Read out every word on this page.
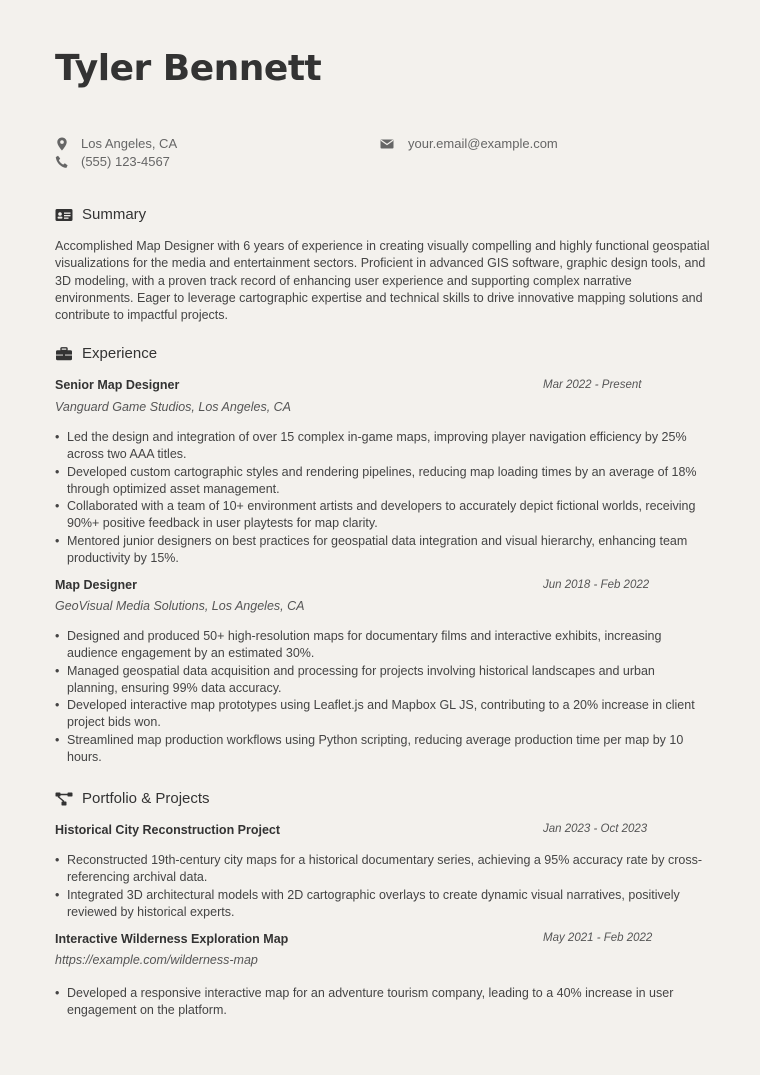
Tyler Bennett
Los Angeles, CA
(555) 123-4567
your.email@example.com
Summary
Accomplished Map Designer with 6 years of experience in creating visually compelling and highly functional geospatial visualizations for the media and entertainment sectors. Proficient in advanced GIS software, graphic design tools, and 3D modeling, with a proven track record of enhancing user experience and supporting complex narrative environments. Eager to leverage cartographic expertise and technical skills to drive innovative mapping solutions and contribute to impactful projects.
Experience
Senior Map Designer	Mar 2022 - Present
Vanguard Game Studios, Los Angeles, CA
• Led the design and integration of over 15 complex in-game maps, improving player navigation efficiency by 25% across two AAA titles.
• Developed custom cartographic styles and rendering pipelines, reducing map loading times by an average of 18% through optimized asset management.
• Collaborated with a team of 10+ environment artists and developers to accurately depict fictional worlds, receiving 90%+ positive feedback in user playtests for map clarity.
• Mentored junior designers on best practices for geospatial data integration and visual hierarchy, enhancing team productivity by 15%.
Map Designer	Jun 2018 - Feb 2022
GeoVisual Media Solutions, Los Angeles, CA
• Designed and produced 50+ high-resolution maps for documentary films and interactive exhibits, increasing audience engagement by an estimated 30%.
• Managed geospatial data acquisition and processing for projects involving historical landscapes and urban planning, ensuring 99% data accuracy.
• Developed interactive map prototypes using Leaflet.js and Mapbox GL JS, contributing to a 20% increase in client project bids won.
• Streamlined map production workflows using Python scripting, reducing average production time per map by 10 hours.
Portfolio & Projects
Historical City Reconstruction Project	Jan 2023 - Oct 2023
• Reconstructed 19th-century city maps for a historical documentary series, achieving a 95% accuracy rate by cross-referencing archival data.
• Integrated 3D architectural models with 2D cartographic overlays to create dynamic visual narratives, positively reviewed by historical experts.
Interactive Wilderness Exploration Map	May 2021 - Feb 2022
https://example.com/wilderness-map
• Developed a responsive interactive map for an adventure tourism company, leading to a 40% increase in user engagement on the platform.
